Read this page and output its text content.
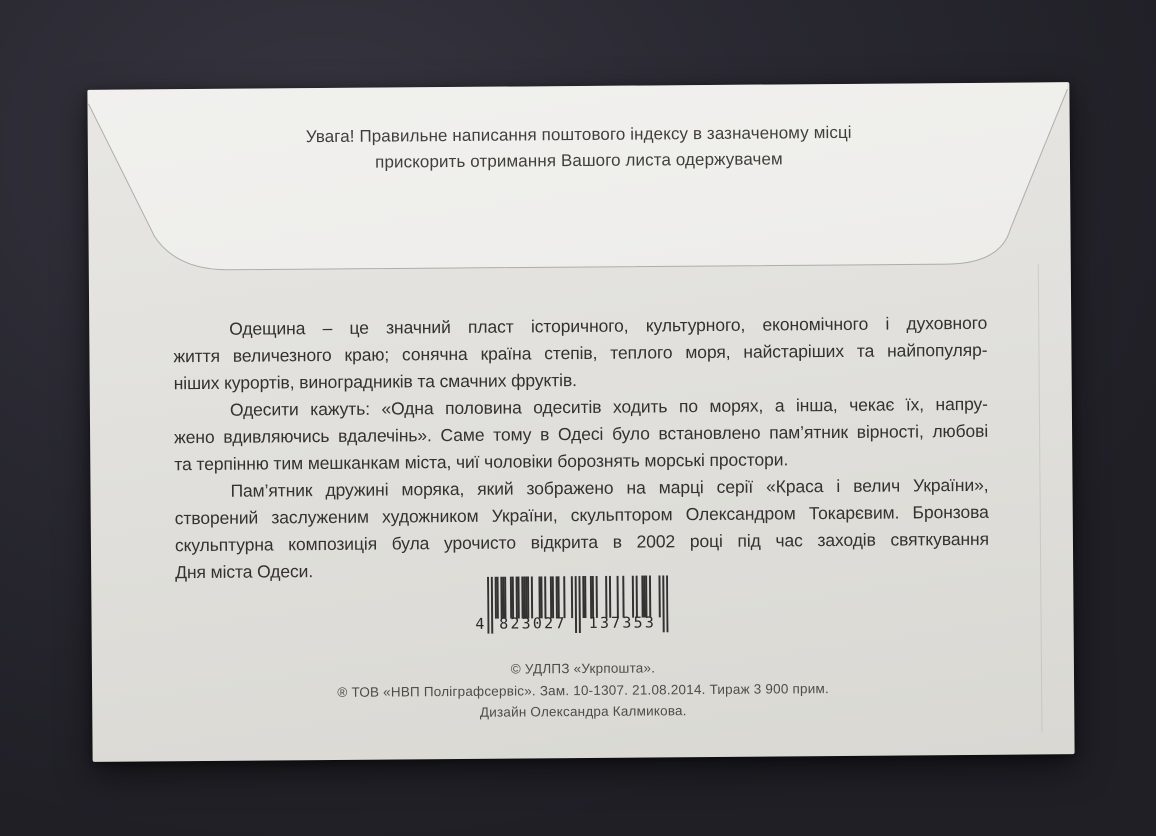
Увага! Правильне написання поштового індексу в зазначеному місці
прискорить отримання Вашого листа одержувачем
Одещина – це значний пласт історичного, культурного, економічного і духовного
життя величезного краю; сонячна країна степів, теплого моря, найстаріших та найпопуляр-
ніших курортів, виноградників та смачних фруктів.
Одесити кажуть: «Одна половина одеситів ходить по морях, а інша, чекає їх, напру-
жено вдивляючись вдалечінь». Саме тому в Одесі було встановлено пам’ятник вірності, любові
та терпінню тим мешканкам міста, чиї чоловіки борознять морські простори.
Пам’ятник дружині моряка, який зображено на марці серії «Краса і велич України»,
створений заслуженим художником України, скульптором Олександром Токарєвим. Бронзова
скульптурна композиція була урочисто відкрита в 2002 році під час заходів святкування
Дня міста Одеси.
4 823027	137353
© УДЛПЗ «Укрпошта».
® ТОВ «НВП Поліграфсервіс». Зам. 10-1307. 21.08.2014. Тираж 3 900 прим.
Дизайн Олександра Калмикова.
